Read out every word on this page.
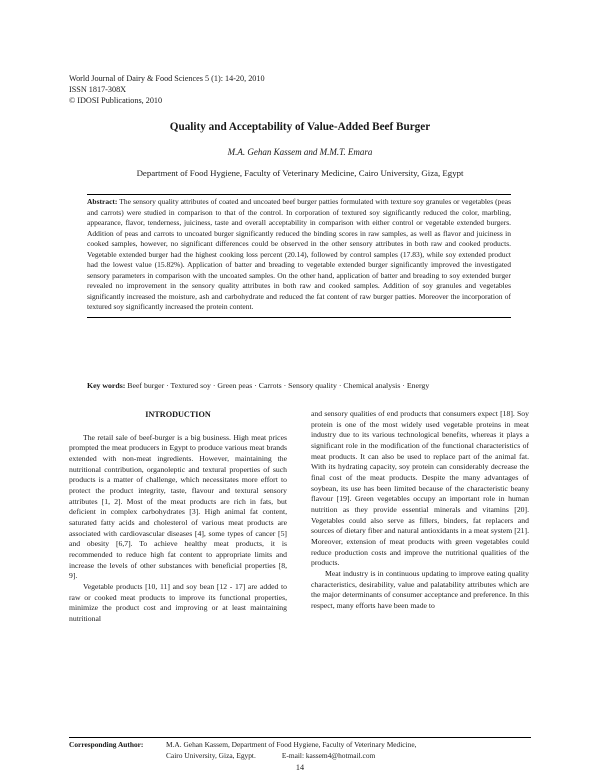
World Journal of Dairy & Food Sciences 5 (1): 14-20, 2010
ISSN 1817-308X
© IDOSI Publications, 2010
Quality and Acceptability of Value-Added Beef Burger
M.A. Gehan Kassem and M.M.T. Emara
Department of Food Hygiene, Faculty of Veterinary Medicine, Cairo University, Giza, Egypt
Abstract: The sensory quality attributes of coated and uncoated beef burger patties formulated with texture soy granules or vegetables (peas and carrots) were studied in comparison to that of the control. In corporation of textured soy significantly reduced the color, marbling, appearance, flavor, tenderness, juiciness, taste and overall acceptability in comparison with either control or vegetable extended burgers. Addition of peas and carrots to uncoated burger significantly reduced the binding scores in raw samples, as well as flavor and juiciness in cooked samples, however, no significant differences could be observed in the other sensory attributes in both raw and cooked products. Vegetable extended burger had the highest cooking loss percent (20.14), followed by control samples (17.83), while soy extended product had the lowest value (15.82%). Application of batter and breading to vegetable extended burger significantly improved the investigated sensory parameters in comparison with the uncoated samples. On the other hand, application of batter and breading to soy extended burger revealed no improvement in the sensory quality attributes in both raw and cooked samples. Addition of soy granules and vegetables significantly increased the moisture, ash and carbohydrate and reduced the fat content of raw burger patties. Moreover the incorporation of textured soy significantly increased the protein content.
Key words: Beef burger · Textured soy · Green peas · Carrots · Sensory quality · Chemical analysis · Energy
INTRODUCTION

The retail sale of beef-burger is a big business. High meat prices prompted the meat producers in Egypt to produce various meat brands extended with non-meat ingredients. However, maintaining the nutritional contribution, organoleptic and textural properties of such products is a matter of challenge, which necessitates more effort to protect the product integrity, taste, flavour and textural sensory attributes [1, 2]. Most of the meat products are rich in fats, but deficient in complex carbohydrates [3]. High animal fat content, saturated fatty acids and cholesterol of various meat products are associated with cardiovascular diseases [4], some types of cancer [5] and obesity [6,7]. To achieve healthy meat products, it is recommended to reduce high fat content to appropriate limits and increase the levels of other substances with beneficial properties [8, 9].

Vegetable products [10, 11] and soy bean [12 - 17] are added to raw or cooked meat products to improve its functional properties, minimize the product cost and improving or at least maintaining nutritional

and sensory qualities of end products that consumers expect [18]. Soy protein is one of the most widely used vegetable proteins in meat industry due to its various technological benefits, whereas it plays a significant role in the modification of the functional characteristics of meat products. It can also be used to replace part of the animal fat. With its hydrating capacity, soy protein can considerably decrease the final cost of the meat products. Despite the many advantages of soybean, its use has been limited because of the characteristic beany flavour [19]. Green vegetables occupy an important role in human nutrition as they provide essential minerals and vitamins [20]. Vegetables could also serve as fillers, binders, fat replacers and sources of dietary fiber and natural antioxidants in a meat system [21]. Moreover, extension of meat products with green vegetables could reduce production costs and improve the nutritional qualities of the products.

Meat industry is in continuous updating to improve eating quality characteristics, desirability, value and palatability attributes which are the major determinants of consumer acceptance and preference. In this respect, many efforts have been made to

Corresponding Author:	M.A. Gehan Kassem, Department of Food Hygiene, Faculty of Veterinary Medicine,
Cairo University, Giza, Egypt.	E-mail: kassem4@hotmail.com
14
